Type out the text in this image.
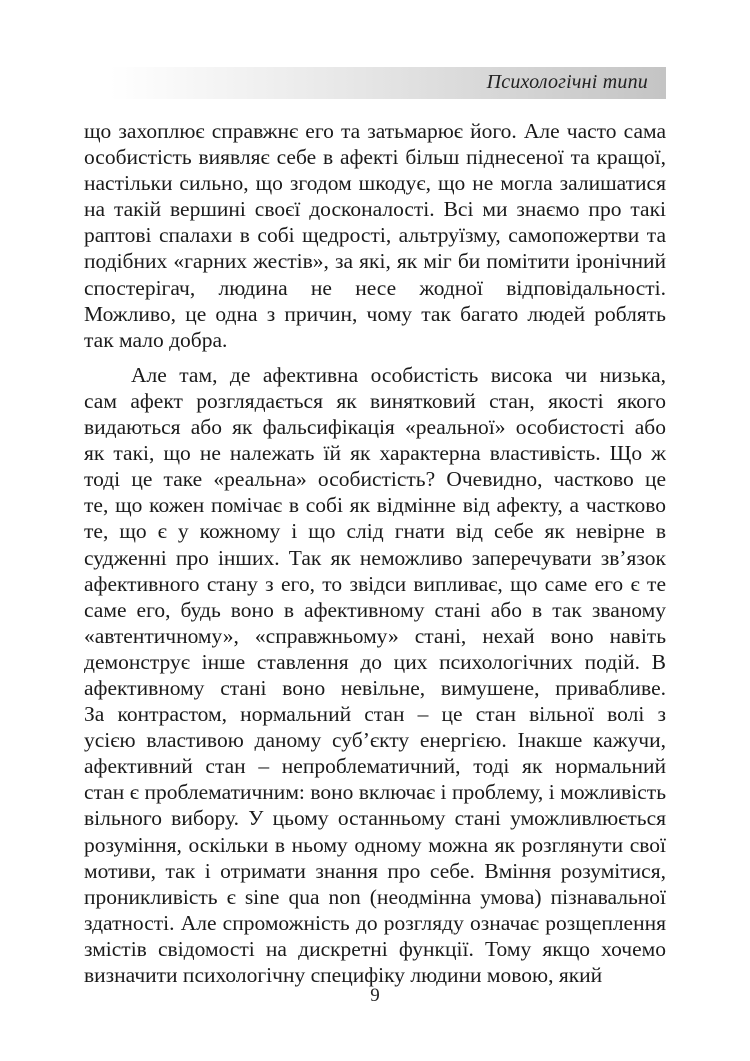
Психологічні типи

що захоплює справжнє его та затьмарює його. Але часто сама
особистість виявляє себе в афекті більш піднесеної та кращої,
настільки сильно, що згодом шкодує, що не могла залишатися
на такій вершині своєї досконалості. Всі ми знаємо про такі
раптові спалахи в собі щедрості, альтруїзму, самопожертви та
подібних «гарних жестів», за які, як міг би помітити іронічний
спостерігач, людина не несе жодної відповідальності.
Можливо, це одна з причин, чому так багато людей роблять
так мало добра.

Але там, де афективна особистість висока чи низька,
сам афект розглядається як винятковий стан, якості якого
видаються або як фальсифікація «реальної» особистості або
як такі, що не належать їй як характерна властивість. Що ж
тоді це таке «реальна» особистість? Очевидно, частково це
те, що кожен помічає в собі як відмінне від афекту, а частково
те, що є у кожному і що слід гнати від себе як невірне в
судженні про інших. Так як неможливо заперечувати зв’язок
афективного стану з его, то звідси випливає, що саме его є те
саме его, будь воно в афективному стані або в так званому
«автентичному», «справжньому» стані, нехай воно навіть
демонструє інше ставлення до цих психологічних подій. В
афективному стані воно невільне, вимушене, привабливе.
За контрастом, нормальний стан – це стан вільної волі з
усією властивою даному суб’єкту енергією. Інакше кажучи,
афективний стан – непроблематичний, тоді як нормальний
стан є проблематичним: воно включає і проблему, і можливість
вільного вибору. У цьому останньому стані уможливлюється
розуміння, оскільки в ньому одному можна як розглянути свої
мотиви, так і отримати знання про себе. Вміння розумітися,
проникливість є sine qua non (неодмінна умова) пізнавальної
здатності. Але спроможність до розгляду означає розщеплення
змістів свідомості на дискретні функції. Тому якщо хочемо
визначити психологічну специфіку людини мовою, який

9
